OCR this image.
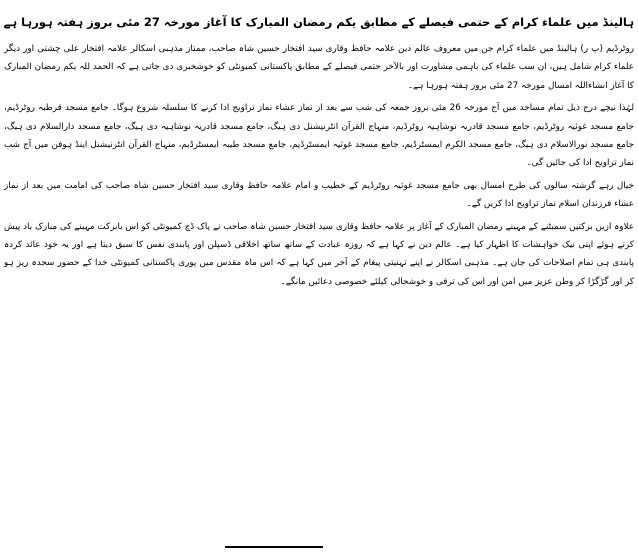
ہالینڈ میں علماء کرام کے حتمی فیصلے کے مطابق یکم رمضان المبارک کا آغاز مورخہ 27 مئی بروز ہفتہ ہورہا ہے

روٹرڈیم (پ ر) ہالینڈ میں علماء کرام جن میں معروف عالم دین علامہ حافظ وقاری سید افتخار حسین شاہ صاحب، ممتاز مذہبی اسکالر علامہ افتخار علی چشتی اور دیگر علماء کرام شامل ہیں، ان سب علماء کی باہمی مشاورت اور بالآخر حتمی فیصلے کے مطابق پاکستانی کمیونٹی کو خوشخبری دی جاتی ہے کہ الحمد للہ یکم رمضان المبارک کا آغاز انشاءاللہ امسال مورخہ 27 مئی بروز ہفتہ ہورہا ہے۔

لہٰذا نیچے درج ذیل تمام مساجد میں آج مورخہ 26 مئی بروز جمعہ کی شب سے بعد از نماز عشاء نماز تراویح ادا کرنے کا سلسلہ شروع ہوگا۔ جامع مسجد قرطبہ روٹرڈیم، جامع مسجد غوثیہ روٹرڈیم، جامع مسجد قادریہ نوشاہیہ روٹرڈیم، منہاج القرآن انٹرنیشنل دی ہیگ، جامع مسجد قادریہ نوشاہیہ دی ہیگ، جامع مسجد دارالسلام دی ہیگ، جامع مسجد نورالاسلام دی ہیگ، جامع مسجد الکرم ایمسٹرڈیم، جامع مسجد غوثیہ ایمسٹرڈیم، جامع مسجد طیبہ ایمسٹرڈیم، منہاج القرآن انٹرنیشنل اینڈ ہوفن میں آج شب نماز تراویح ادا کی جائیں گی۔

خیال رہے گزشتہ سالوں کی طرح امسال بھی جامع مسجد غوثیہ روٹرڈیم کے خطیب و امام علامہ حافظ وقاری سید افتخار حسین شاہ صاحب کی امامت میں بعد از نماز عشاء فرزندان اسلام نماز تراویح ادا کریں گے۔

علاوہ ازیں برکتیں سمیٹنے کے مہینے رمضان المبارک کے آغاز پر علامہ حافظ وقاری سید افتخار حسین شاہ صاحب نے پاک ڈچ کمیونٹی کو اس بابرکت مہینے کی مبارک باد پیش کرتے ہوئے اپنی نیک خواہشات کا اظہار کیا ہے۔ عالم دین نے کہا ہے کہ روزہ عبادت کے ساتھ ساتھ اخلاقی ڈسپلن اور پابندی نفس کا سبق دیتا ہے اور یہ خود عائد کردہ پابندی ہی تمام اصلاحات کی جان ہے۔ مذہبی اسکالر نے اپنے تہنیتی پیغام کے آخر میں کہا ہے کہ اس ماہ مقدس میں پوری پاکستانی کمیونٹی خدا کے حضور سجدہ ریز ہو کر اور گڑگڑا کر وطن عزیز میں امن اور اس کی ترقی و خوشحالی کیلئے خصوصی دعائیں مانگے۔
